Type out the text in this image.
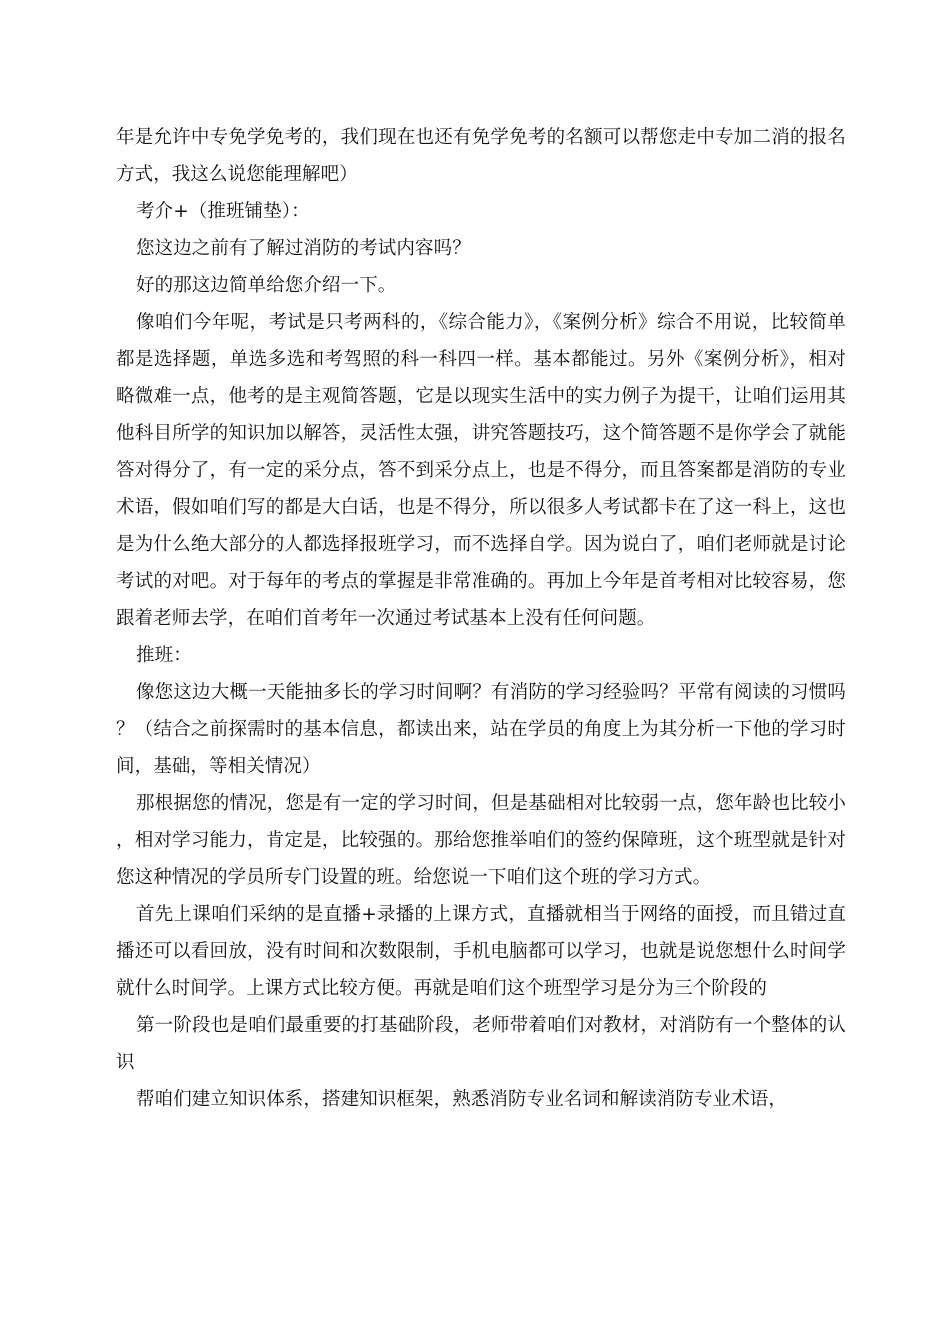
年是允许中专免学免考的，我们现在也还有免学免考的名额可以帮您走中专加二消的报名方式，我这么说您能理解吧）

考介+（推班铺垫）：

您这边之前有了解过消防的考试内容吗？

好的那这边简单给您介绍一下。

像咱们今年呢，考试是只考两科的，《综合能力》，《案例分析》综合不用说，比较简单都是选择题，单选多选和考驾照的科一科四一样。基本都能过。另外《案例分析》，相对略微难一点，他考的是主观简答题，它是以现实生活中的实力例子为提干，让咱们运用其他科目所学的知识加以解答，灵活性太强，讲究答题技巧，这个简答题不是你学会了就能答对得分了，有一定的采分点，答不到采分点上，也是不得分，而且答案都是消防的专业术语，假如咱们写的都是大白话，也是不得分，所以很多人考试都卡在了这一科上，这也是为什么绝大部分的人都选择报班学习，而不选择自学。因为说白了，咱们老师就是讨论考试的对吧。对于每年的考点的掌握是非常准确的。再加上今年是首考相对比较容易，您跟着老师去学，在咱们首考年一次通过考试基本上没有任何问题。

推班：

像您这边大概一天能抽多长的学习时间啊？有消防的学习经验吗？平常有阅读的习惯吗？（结合之前探需时的基本信息，都读出来，站在学员的角度上为其分析一下他的学习时间，基础，等相关情况）

那根据您的情况，您是有一定的学习时间，但是基础相对比较弱一点，您年龄也比较小，相对学习能力，肯定是，比较强的。那给您推举咱们的签约保障班，这个班型就是针对您这种情况的学员所专门设置的班。给您说一下咱们这个班的学习方式。

首先上课咱们采纳的是直播+录播的上课方式，直播就相当于网络的面授，而且错过直播还可以看回放，没有时间和次数限制，手机电脑都可以学习，也就是说您想什么时间学就什么时间学。上课方式比较方便。再就是咱们这个班型学习是分为三个阶段的

第一阶段也是咱们最重要的打基础阶段，老师带着咱们对教材，对消防有一个整体的认识

帮咱们建立知识体系，搭建知识框架，熟悉消防专业名词和解读消防专业术语，
